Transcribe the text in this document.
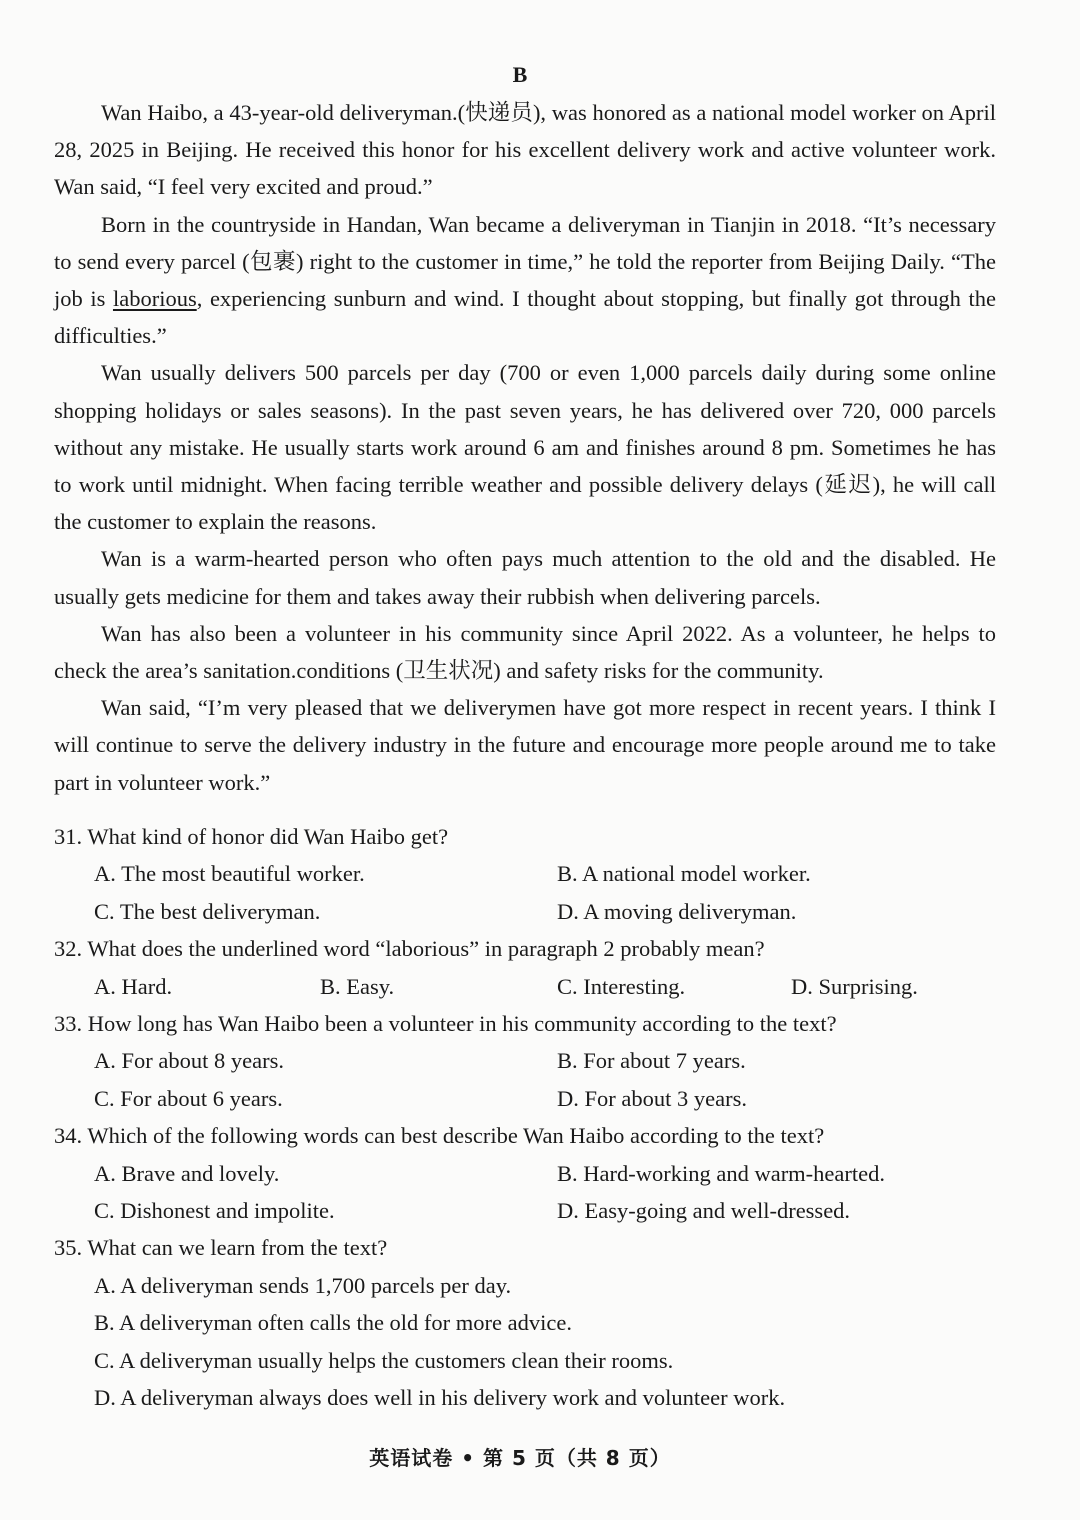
B

Wan Haibo, a 43-year-old deliveryman.(快递员), was honored as a national model worker on April 28, 2025 in Beijing. He received this honor for his excellent delivery work and active volunteer work. Wan said, “I feel very excited and proud.”

Born in the countryside in Handan, Wan became a deliveryman in Tianjin in 2018. “It’s necessary to send every parcel (包裹) right to the customer in time,” he told the reporter from Beijing Daily. “The job is laborious, experiencing sunburn and wind. I thought about stopping, but finally got through the difficulties.”

Wan usually delivers 500 parcels per day (700 or even 1,000 parcels daily during some online shopping holidays or sales seasons). In the past seven years, he has delivered over 720, 000 parcels without any mistake. He usually starts work around 6 am and finishes around 8 pm. Sometimes he has to work until midnight. When facing terrible weather and possible delivery delays (延迟), he will call the customer to explain the reasons.

Wan is a warm-hearted person who often pays much attention to the old and the disabled. He usually gets medicine for them and takes away their rubbish when delivering parcels.

Wan has also been a volunteer in his community since April 2022. As a volunteer, he helps to check the area’s sanitation.conditions (卫生状况) and safety risks for the community.

Wan said, “I’m very pleased that we deliverymen have got more respect in recent years. I think I will continue to serve the delivery industry in the future and encourage more people around me to take part in volunteer work.”

31. What kind of honor did Wan Haibo get?

A. The most beautiful worker.	B. A national model worker.
C. The best deliveryman.	D. A moving deliveryman.

32. What does the underlined word “laborious” in paragraph 2 probably mean?

A. Hard.	B. Easy.	C. Interesting.	D. Surprising.

33. How long has Wan Haibo been a volunteer in his community according to the text?

A. For about 8 years.	B. For about 7 years.
C. For about 6 years.	D. For about 3 years.

34. Which of the following words can best describe Wan Haibo according to the text?

A. Brave and lovely.	B. Hard-working and warm-hearted.
C. Dishonest and impolite.	D. Easy-going and well-dressed.

35. What can we learn from the text?

A. A deliveryman sends 1,700 parcels per day.

B. A deliveryman often calls the old for more advice.

C. A deliveryman usually helps the customers clean their rooms.

D. A deliveryman always does well in his delivery work and volunteer work.

英语试卷 • 第 5 页（共 8 页）
